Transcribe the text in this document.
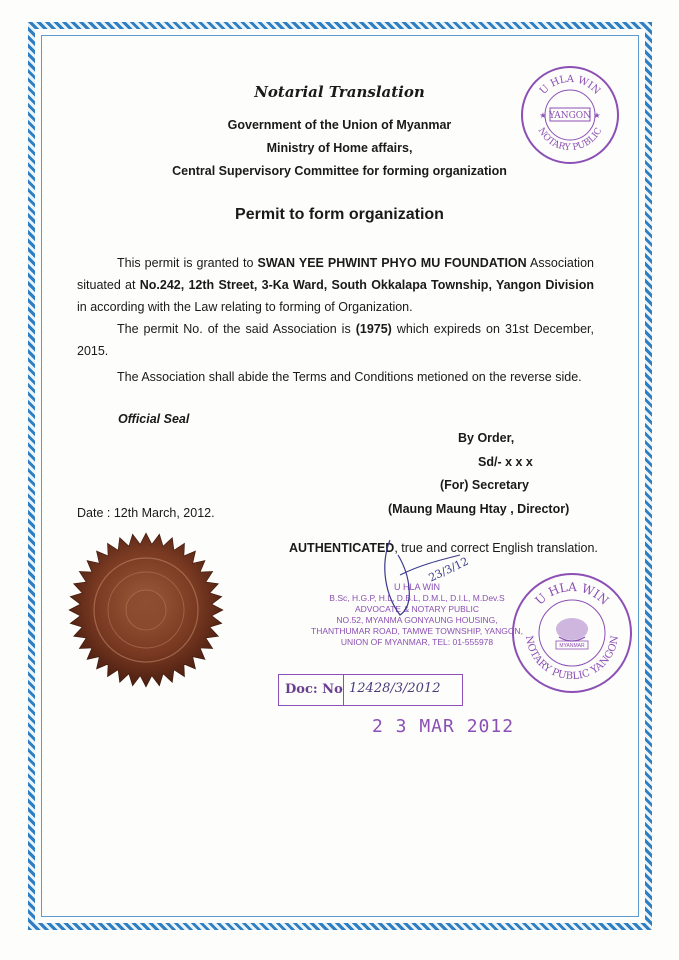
Notarial Translation
Government of the Union of Myanmar
Ministry of Home affairs,
Central Supervisory Committee for forming organization
Permit to form organization
U HLA WIN
NOTARY PUBLIC
YANGON
★	★
This permit is granted to SWAN YEE PHWINT PHYO MU FOUNDATION Association situated at No.242, 12th Street, 3-Ka Ward, South Okkalapa Township, Yangon Division in according with the Law relating to forming of Organization.
The permit No. of the said Association is (1975) which expireds on 31st December, 2015.
The Association shall abide the Terms and Conditions metioned on the reverse side.
Official Seal
By Order,
Sd/- x x x
(For) Secretary
(Maung Maung Htay , Director)
Date : 12th March, 2012.
AUTHENTICATED, true and correct English translation.
U HLA WIN
NOTARY PUBLIC YANGON
MYANMAR
U HLA WIN
B.Sc, H.G.P, H.L, D.B.L, D.M.L, D.I.L, M.Dev.S
ADVOCATE & NOTARY PUBLIC
NO.52, MYANMA GONYAUNG HOUSING,
THANTHUMAR ROAD, TAMWE TOWNSHIP, YANGON,
UNION OF MYANMAR, TEL: 01-555978
23/3/12
Doc: No 12428/3/2012
2 3 MAR 2012
